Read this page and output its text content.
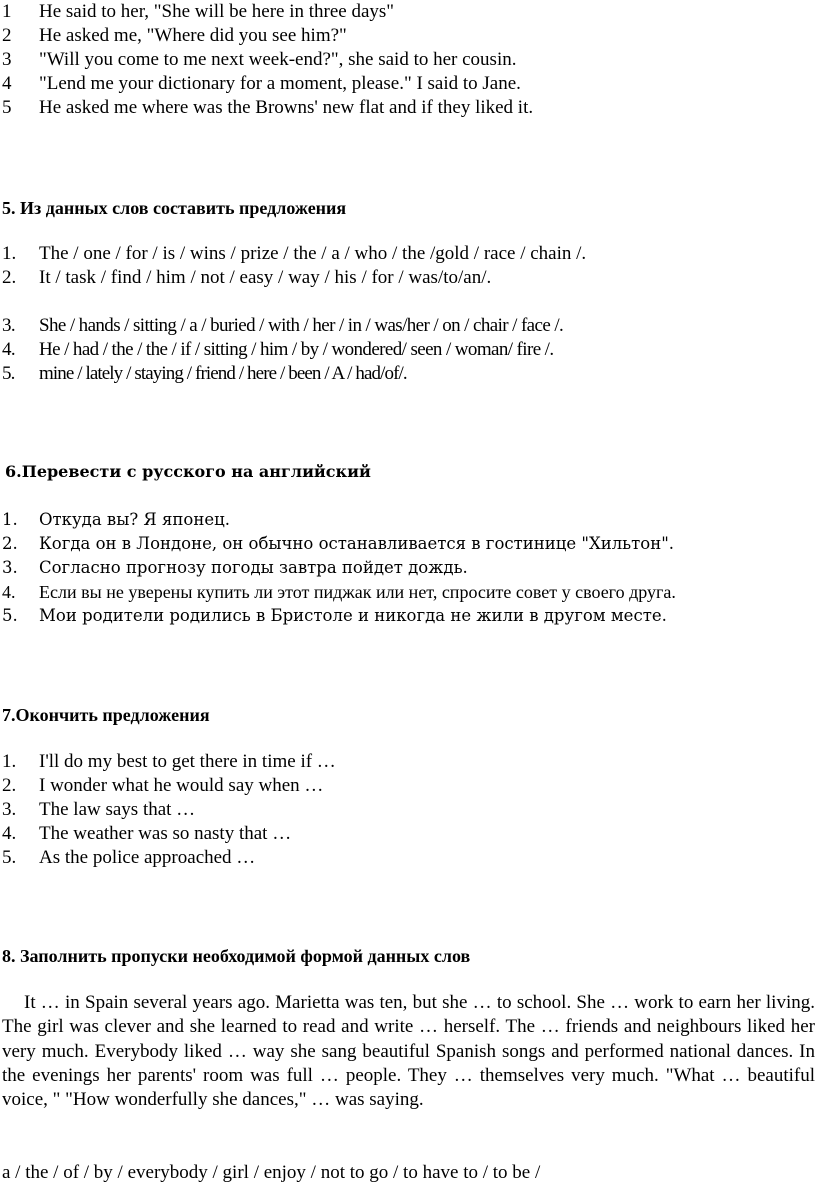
1 He said to her, "She will be here in three days"
2 He asked me, "Where did you see him?"
3 "Will you come to me next week-end?", she said to her cousin.
4 "Lend me your dictionary for a moment, please." I said to Jane.
5 He asked me where was the Browns' new flat and if they liked it.
5. Из данных слов составить предложения
1. The / one / for / is / wins / prize / the / a / who / the /gold / race / chain /.
2. It / task / find / him / not / easy / way / his / for / was/to/an/.
3. She / hands / sitting / a / buried / with / her / in / was/her / on / chair / face /.
4. He / had / the / the / if / sitting / him / by / wondered/ seen / woman/ fire /.
5. mine / lately / staying / friend / here / been / A / had/of/.
6.Перевести с русского на английский
1. Откуда вы? Я японец.
2. Когда он в Лондоне, он обычно останавливается в гостинице "Хильтон".
3. Согласно прогнозу погоды завтра пойдет дождь.
4. Если вы не уверены купить ли этот пиджак или нет, спросите совет у своего друга.
5. Мои родители родились в Бристоле и никогда не жили в другом месте.
7.Окончить предложения
1. I'll do my best to get there in time if …
2. I wonder what he would say when …
3. The law says that …
4. The weather was so nasty that …
5. As the police approached …
8. Заполнить пропуски необходимой формой данных слов

It … in Spain several years ago. Marietta was ten, but she … to school. She … work to earn her living. The girl was clever and she learned to read and write … herself. The … friends and neighbours liked her very much. Everybody liked … way she sang beautiful Spanish songs and performed national dances. In the evenings her parents' room was full … people. They … themselves very much. "What … beautiful voice, " "How wonderfully she dances," … was saying.

a / the / of / by / everybody / girl / enjoy / not to go / to have to / to be /
